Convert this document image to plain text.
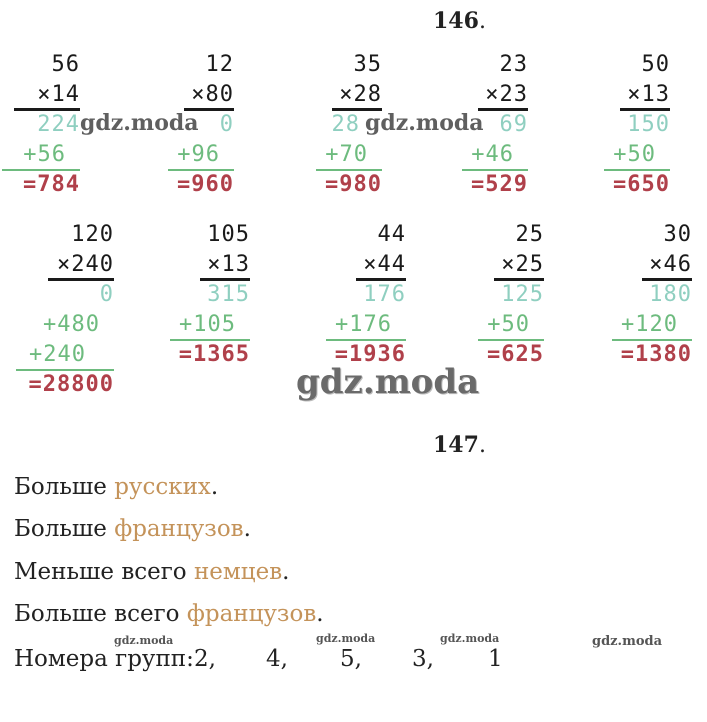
146.
56
×14
224
+56
=784
12
×80
0
+96
=960
35
×28
28
+70
=980
23
×23
69
+46
=529
50
×13
150
+50
=650
120
×240
0
+480
+240
=28800
105
×13
315
+105
=1365
44
×44
176
+176
=1936
25
×25
125
+50
=625
30
×46
180
+120
=1380
gdz.moda	gdz.moda
gdz.moda
gdz.moda	gdz.moda	gdz.moda	gdz.moda
147.
Больше русских.
Больше французов.
Меньше всего немцев.
Больше всего французов.
Номера групп: 2, 4, 5, 3, 1
